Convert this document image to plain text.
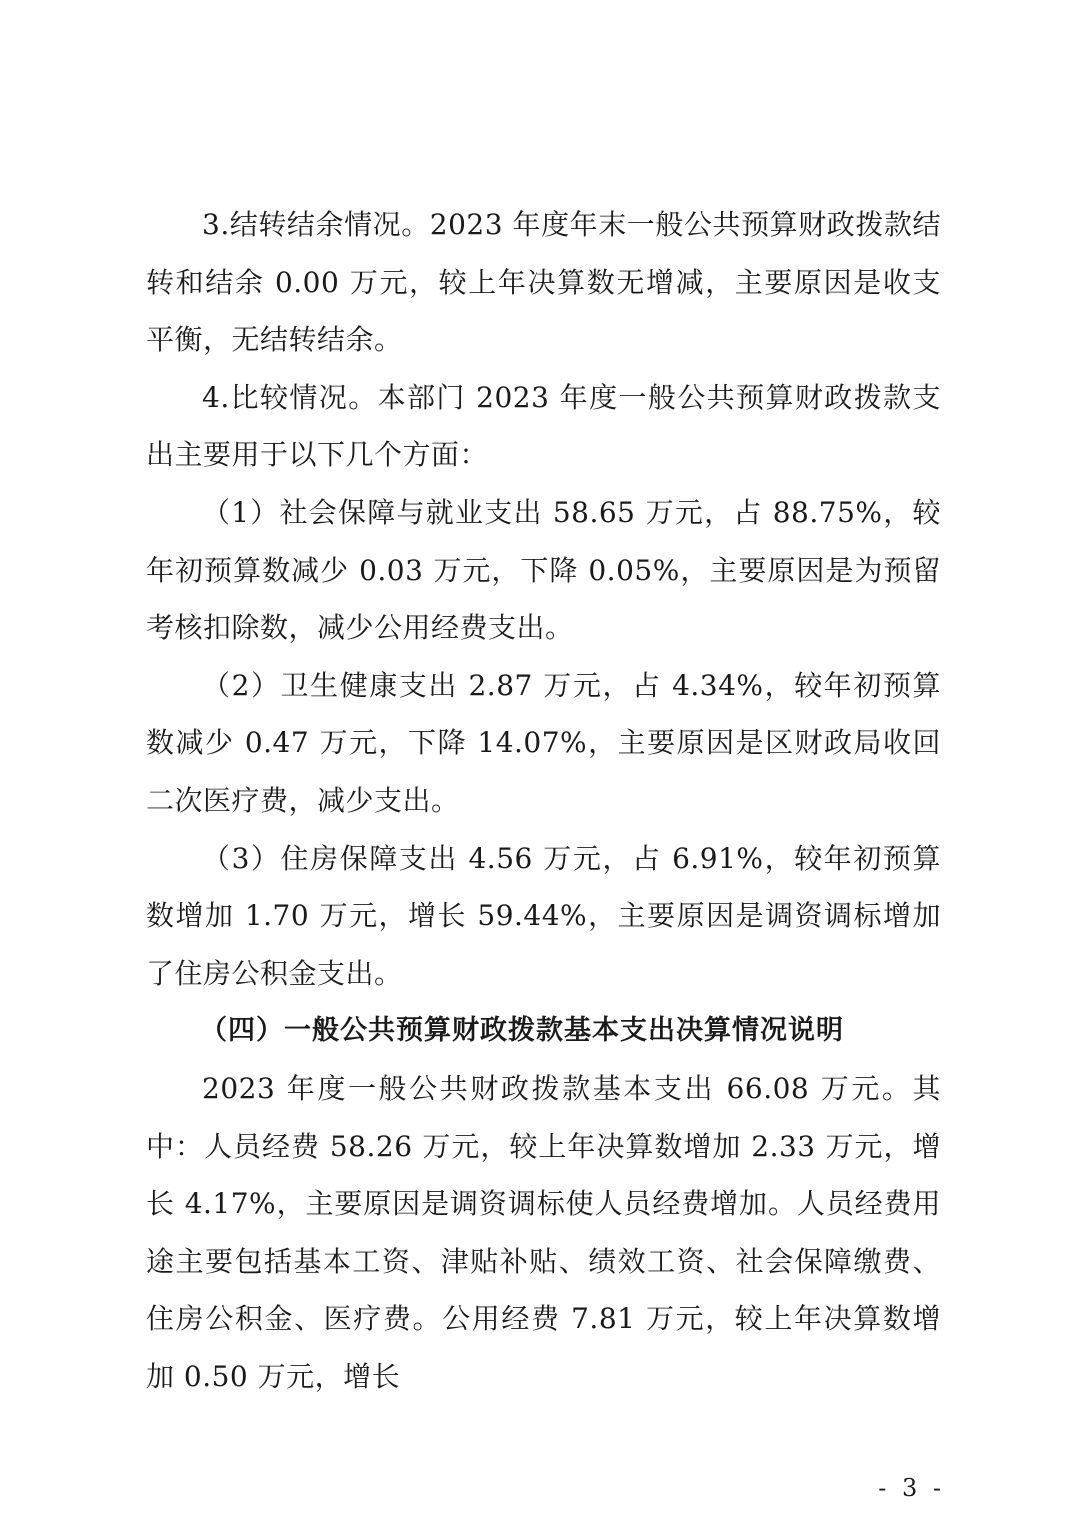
3.结转结余情况。2023 年度年末一般公共预算财政拨款结转和结余 0.00 万元，较上年决算数无增减，主要原因是收支平衡，无结转结余。

4.比较情况。本部门 2023 年度一般公共预算财政拨款支出主要用于以下几个方面：

（1）社会保障与就业支出 58.65 万元，占 88.75%，较年初预算数减少 0.03 万元，下降 0.05%，主要原因是为预留考核扣除数，减少公用经费支出。

（2）卫生健康支出 2.87 万元，占 4.34%，较年初预算数减少 0.47 万元，下降 14.07%，主要原因是区财政局收回二次医疗费，减少支出。

（3）住房保障支出 4.56 万元，占 6.91%，较年初预算数增加 1.70 万元，增长 59.44%，主要原因是调资调标增加了住房公积金支出。

（四）一般公共预算财政拨款基本支出决算情况说明

2023 年度一般公共财政拨款基本支出 66.08 万元。其中：人员经费 58.26 万元，较上年决算数增加 2.33 万元，增长 4.17%，主要原因是调资调标使人员经费增加。人员经费用途主要包括基本工资、津贴补贴、绩效工资、社会保障缴费、住房公积金、医疗费。公用经费 7.81 万元，较上年决算数增加 0.50 万元，增长

- 3 -
